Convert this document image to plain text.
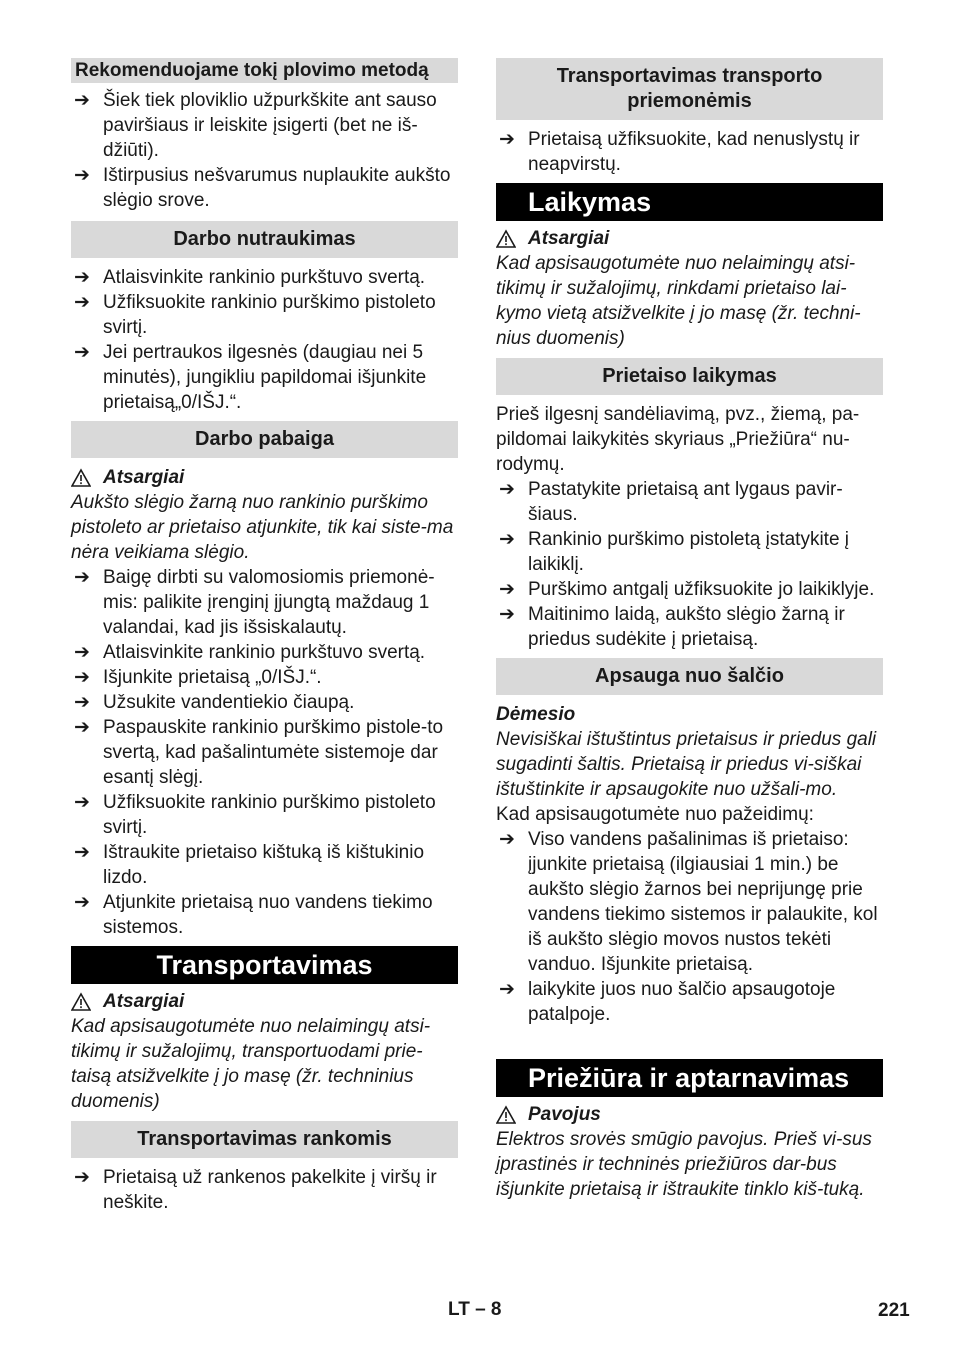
Rekomenduojame tokį plovimo metodą
➔ Šiek tiek ploviklio užpurkškite ant sauso paviršiaus ir leiskite įsigerti (bet ne iš-džiūti).
➔ Ištirpusius nešvarumus nuplaukite aukšto slėgio srove.
Darbo nutraukimas
➔ Atlaisvinkite rankinio purkštuvo svertą.
➔ Užfiksuokite rankinio purškimo pistoleto svirtį.
➔ Jei pertraukos ilgesnės (daugiau nei 5 minutės), jungikliu papildomai išjunkite prietaisą„0/IŠJ.“.
Darbo pabaiga
Atsargiai

Aukšto slėgio žarną nuo rankinio purškimo pistoleto ar prietaiso atjunkite, tik kai siste-ma nėra veikiama slėgio.

➔ Baigę dirbti su valomosiomis priemonė-mis: palikite įrenginį įjungtą maždaug 1 valandai, kad jis išsiskalautų.
➔ Atlaisvinkite rankinio purkštuvo svertą.
➔ Išjunkite prietaisą „0/IŠJ.“.
➔ Užsukite vandentiekio čiaupą.
➔ Paspauskite rankinio purškimo pistole-to svertą, kad pašalintumėte sistemoje dar esantį slėgį.
➔ Užfiksuokite rankinio purškimo pistoleto svirtį.
➔ Ištraukite prietaiso kištuką iš kištukinio lizdo.
➔ Atjunkite prietaisą nuo vandens tiekimo sistemos.
Transportavimas
Atsargiai

Kad apsisaugotumėte nuo nelaimingų atsi-tikimų ir sužalojimų, transportuodami prie-taisą atsižvelkite į jo masę (žr. techninius duomenis)

Transportavimas rankomis
➔ Prietaisą už rankenos pakelkite į viršų ir neškite.
Transportavimas transporto priemonėmis
➔ Prietaisą užfiksuokite, kad nenuslystų ir neapvirstų.
Laikymas
Atsargiai

Kad apsisaugotumėte nuo nelaimingų atsi-tikimų ir sužalojimų, rinkdami prietaiso lai-kymo vietą atsižvelkite į jo masę (žr. techni-nius duomenis)

Prietaiso laikymas

Prieš ilgesnį sandėliavimą, pvz., žiemą, pa-pildomai laikykitės skyriaus „Priežiūra“ nu-rodymų.

➔ Pastatykite prietaisą ant lygaus pavir-šiaus.
➔ Rankinio purškimo pistoletą įstatykite į laikiklį.
➔ Purškimo antgalį užfiksuokite jo laikiklyje.
➔ Maitinimo laidą, aukšto slėgio žarną ir priedus sudėkite į prietaisą.
Apsauga nuo šalčio

Dėmesio

Nevisiškai ištuštintus prietaisus ir priedus gali sugadinti šaltis. Prietaisą ir priedus vi-siškai ištuštinkite ir apsaugokite nuo užšali-mo.

Kad apsisaugotumėte nuo pažeidimų:

➔ Viso vandens pašalinimas iš prietaiso: įjunkite prietaisą (ilgiausiai 1 min.) be aukšto slėgio žarnos bei neprijungę prie vandens tiekimo sistemos ir palaukite, kol iš aukšto slėgio movos nustos tekėti vanduo. Išjunkite prietaisą.
➔ laikykite juos nuo šalčio apsaugotoje patalpoje.
Priežiūra ir aptarnavimas
Pavojus

Elektros srovės smūgio pavojus. Prieš vi-sus įprastinės ir techninės priežiūros dar-bus išjunkite prietaisą ir ištraukite tinklo kiš-tuką.

LT – 8	221
